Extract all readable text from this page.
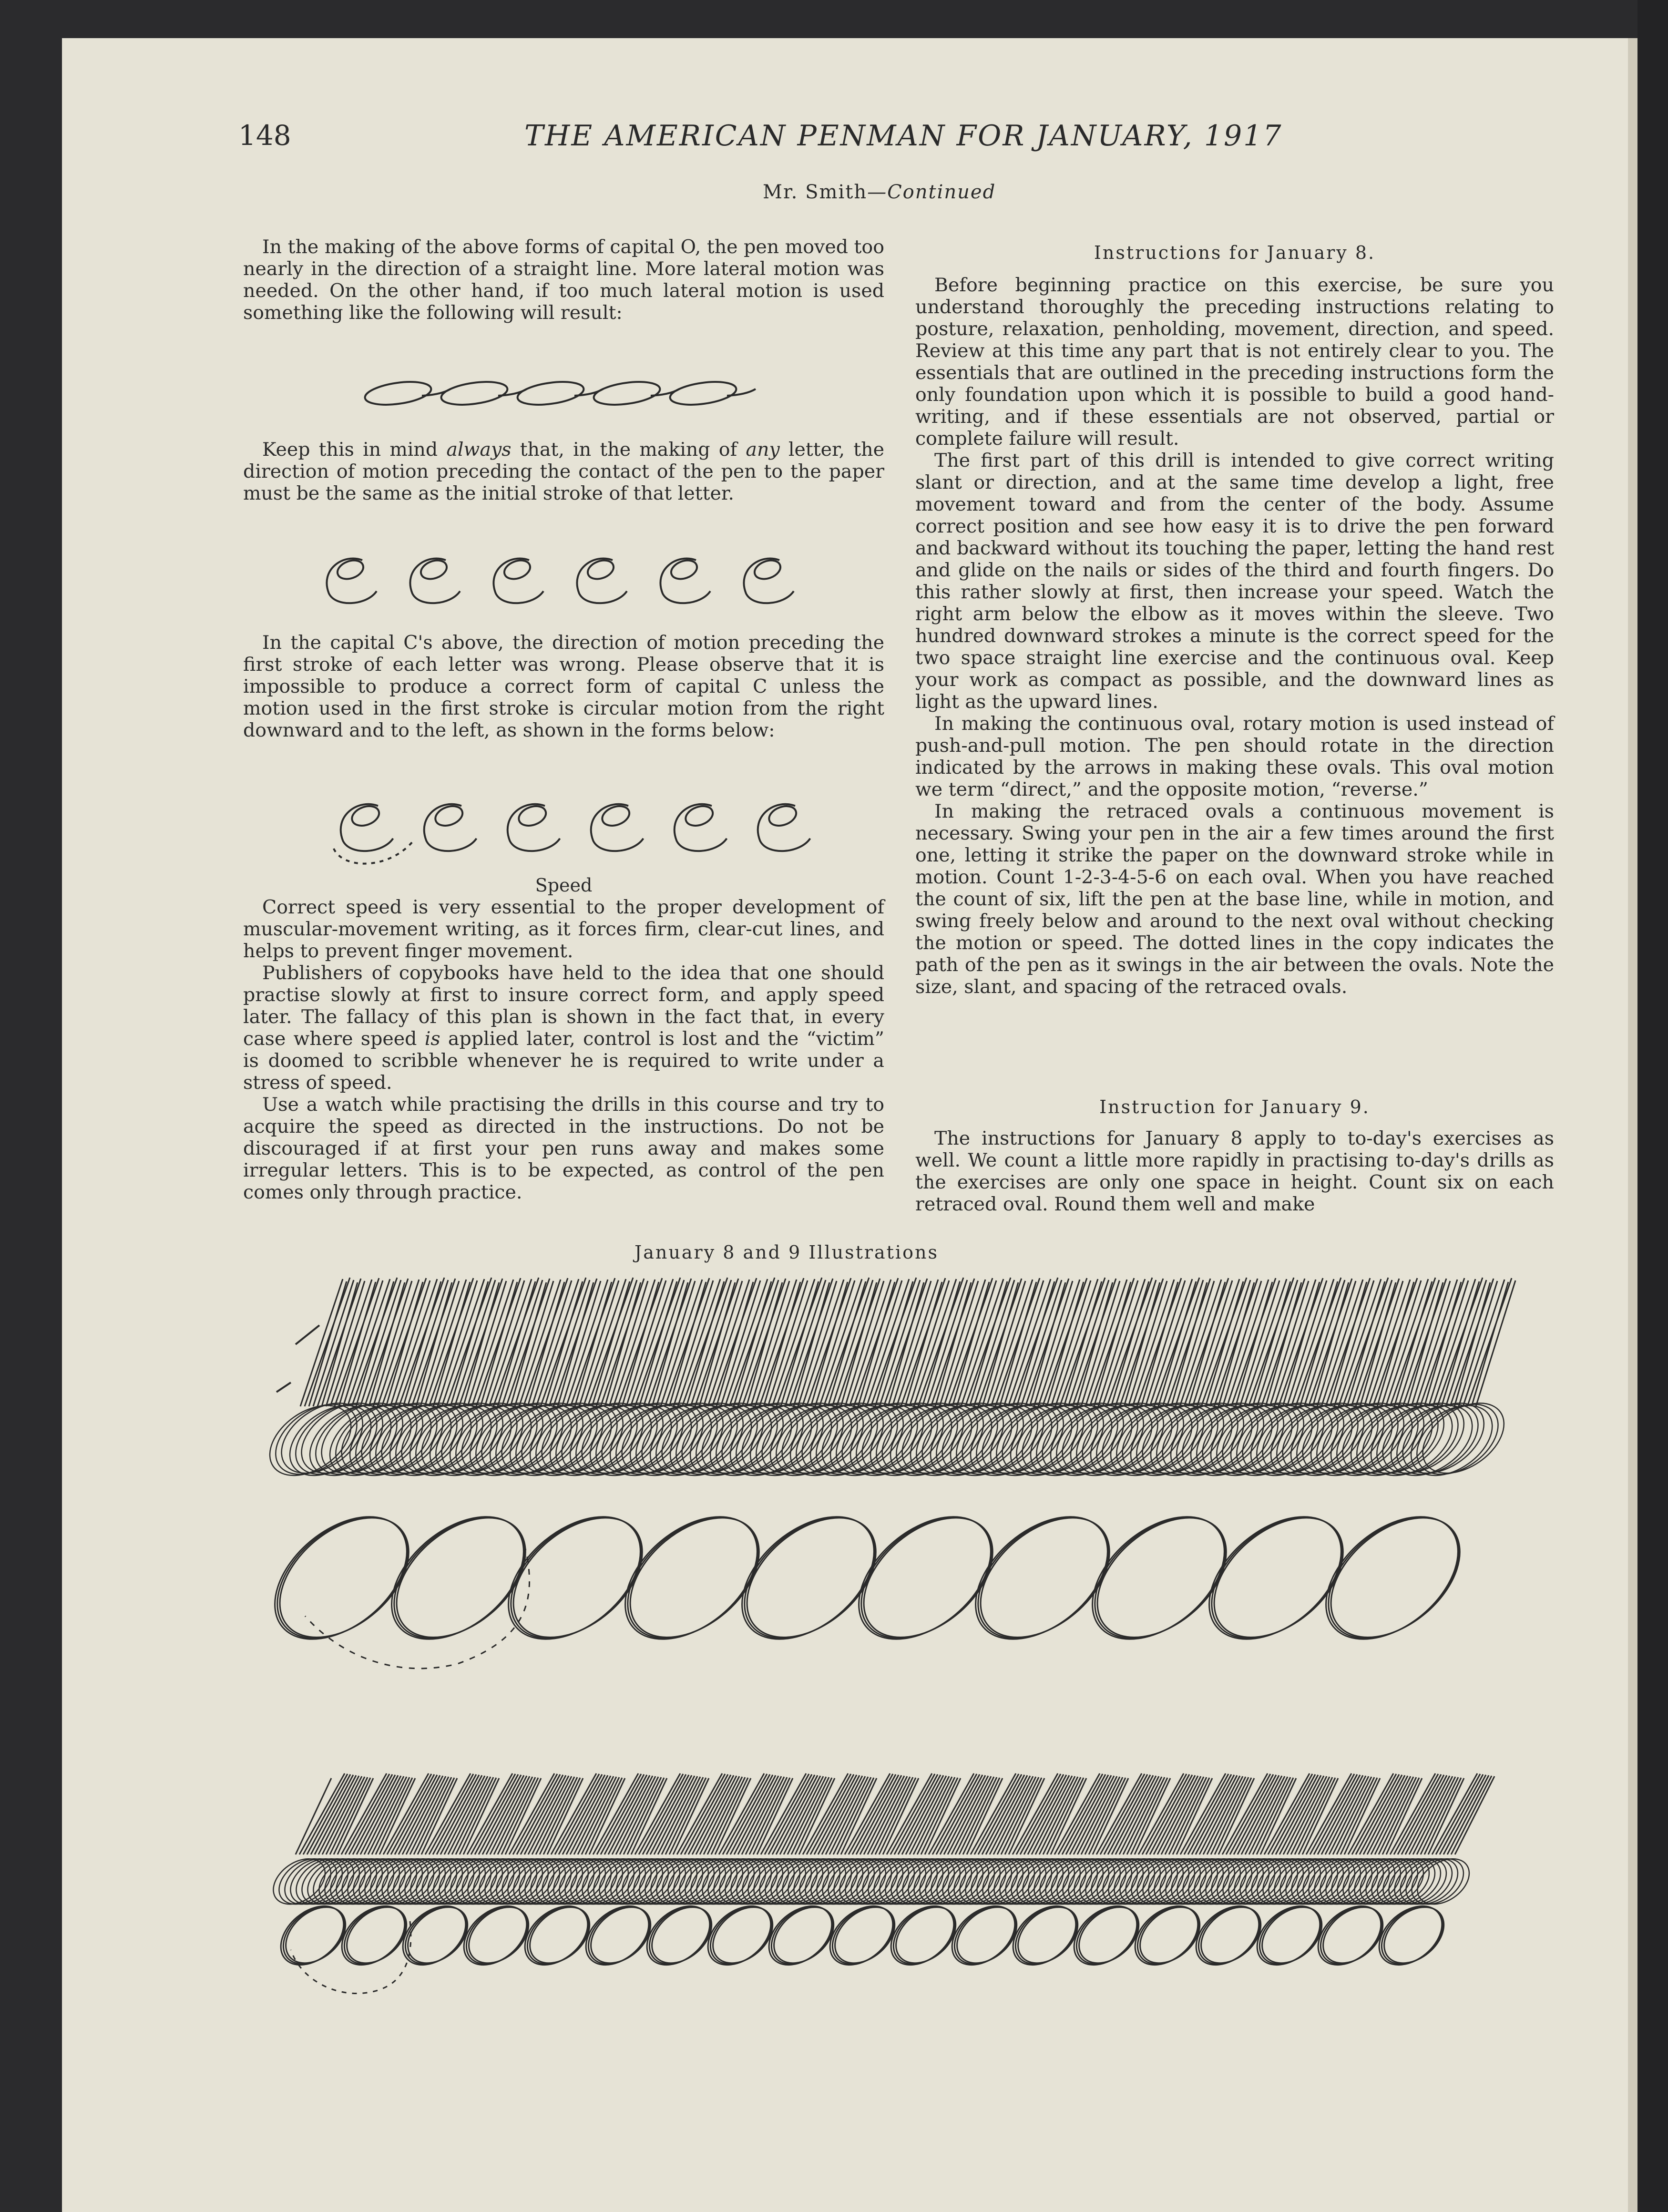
148	THE AMERICAN PENMAN FOR JANUARY, 1917
Mr. Smith—Continued

In the making of the above forms of capital O, the pen moved too nearly in the direction of a straight line. More lateral motion was needed. On the other hand, if too much lateral motion is used something like the following will result:

Keep this in mind always that, in the making of any letter, the direction of motion preceding the contact of the pen to the paper must be the same as the initial stroke of that letter.

In the capital C's above, the direction of motion preceding the first stroke of each letter was wrong. Please observe that it is impossible to produce a correct form of capital C unless the motion used in the first stroke is circular motion from the right downward and to the left, as shown in the forms below:

Speed

Correct speed is very essential to the proper development of muscular-movement writing, as it forces firm, clear-cut lines, and helps to prevent finger movement.

Publishers of copybooks have held to the idea that one should practise slowly at first to insure correct form, and apply speed later. The fallacy of this plan is shown in the fact that, in every case where speed is applied later, control is lost and the “victim” is doomed to scribble whenever he is required to write under a stress of speed.

Use a watch while practising the drills in this course and try to acquire the speed as directed in the instructions. Do not be discouraged if at first your pen runs away and makes some irregular letters. This is to be expected, as control of the pen comes only through practice.

Instructions for January 8.

Before beginning practice on this exercise, be sure you understand thoroughly the preceding instructions relating to posture, relaxation, penholding, movement, direction, and speed. Review at this time any part that is not entirely clear to you. The essentials that are outlined in the preceding instructions form the only foundation upon which it is possible to build a good hand-writing, and if these essentials are not observed, partial or complete failure will result.

The first part of this drill is intended to give correct writing slant or direction, and at the same time develop a light, free movement toward and from the center of the body. Assume correct position and see how easy it is to drive the pen forward and backward without its touching the paper, letting the hand rest and glide on the nails or sides of the third and fourth fingers. Do this rather slowly at first, then increase your speed. Watch the right arm below the elbow as it moves within the sleeve. Two hundred downward strokes a minute is the correct speed for the two space straight line exercise and the continuous oval. Keep your work as compact as possible, and the downward lines as light as the upward lines.

In making the continuous oval, rotary motion is used instead of push-and-pull motion. The pen should rotate in the direction indicated by the arrows in making these ovals. This oval motion we term “direct,” and the opposite motion, “reverse.”

In making the retraced ovals a continuous movement is necessary. Swing your pen in the air a few times around the first one, letting it strike the paper on the downward stroke while in motion. Count 1-2-3-4-5-6 on each oval. When you have reached the count of six, lift the pen at the base line, while in motion, and swing freely below and around to the next oval without checking the motion or speed. The dotted lines in the copy indicates the path of the pen as it swings in the air between the ovals. Note the size, slant, and spacing of the retraced ovals.

Instruction for January 9.

The instructions for January 8 apply to to-day's exercises as well. We count a little more rapidly in practising to-day's drills as the exercises are only one space in height. Count six on each retraced oval. Round them well and make

January 8 and 9 Illustrations
